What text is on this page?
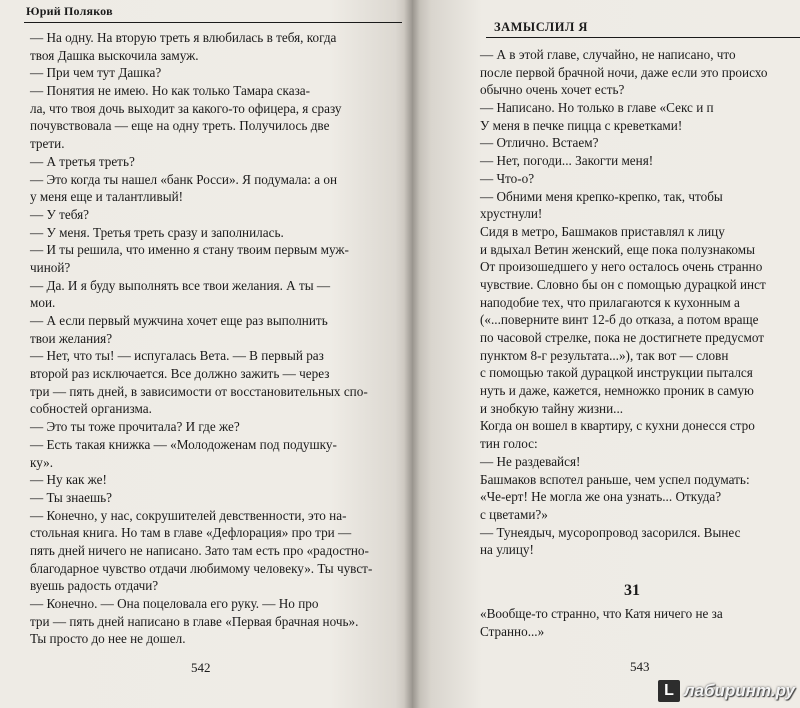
Юрий Поляков
— На одну. На вторую треть я влюбилась в тебя, когда
твоя Дашка выскочила замуж.
— При чем тут Дашка?
— Понятия не имею. Но как только Тамара сказа-
ла, что твоя дочь выходит за какого-то офицера, я сразу
почувствовала — еще на одну треть. Получилось две
трети.
— А третья треть?
— Это когда ты нашел «банк Росси». Я подумала: а он
у меня еще и талантливый!
— У тебя?
— У меня. Третья треть сразу и заполнилась.
— И ты решила, что именно я стану твоим первым муж-
чиной?
— Да. И я буду выполнять все твои желания. А ты —
мои.
— А если первый мужчина хочет еще раз выполнить
твои желания?
— Нет, что ты! — испугалась Вета. — В первый раз
второй раз исключается. Все должно зажить — через
три — пять дней, в зависимости от восстановительных спо-
собностей организма.
— Это ты тоже прочитала? И где же?
— Есть такая книжка — «Молодоженам под подушку-
ку».
— Ну как же!
— Ты знаешь?
— Конечно, у нас, сокрушителей девственности, это на-
стольная книга. Но там в главе «Дефлорация» про три —
пять дней ничего не написано. Зато там есть про «радостно-
благодарное чувство отдачи любимому человеку». Ты чувст-
вуешь радость отдачи?
— Конечно. — Она поцеловала его руку. — Но про
три — пять дней написано в главе «Первая брачная ночь».
Ты просто до нее не дошел.
542
ЗАМЫСЛИЛ Я
— А в этой главе, случайно, не написано, что
после первой брачной ночи, даже если это происхо
обычно очень хочет есть?
— Написано. Но только в главе «Секс и п
У меня в печке пицца с креветками!
— Отлично. Встаем?
— Нет, погоди... Закогти меня!
— Что-о?
— Обними меня крепко-крепко, так, чтобы
хрустнули!
Сидя в метро, Башмаков приставлял к лицу
и вдыхал Ветин женский, еще пока полузнакомы
От произошедшего у него осталось очень странно
чувствие. Словно бы он с помощью дурацкой инст
наподобие тех, что прилагаются к кухонным а
(«...поверните винт 12-б до отказа, а потом враще
по часовой стрелке, пока не достигнете предусмот
пунктом 8-г результата...»), так вот — словн
с помощью такой дурацкой инструкции пытался
нуть и даже, кажется, немножко проник в самую
и знобкую тайну жизни...
Когда он вошел в квартиру, с кухни донесся стро
тин голос:
— Не раздевайся!
Башмаков вспотел раньше, чем успел подумать:
«Че-ерт! Не могла же она узнать... Откуда?
с цветами?»
— Тунеядыч, мусоропровод засорился. Вынес
на улицу!
31
«Вообще-то странно, что Катя ничего не за
Странно...»
543
L лабиринт.ру
